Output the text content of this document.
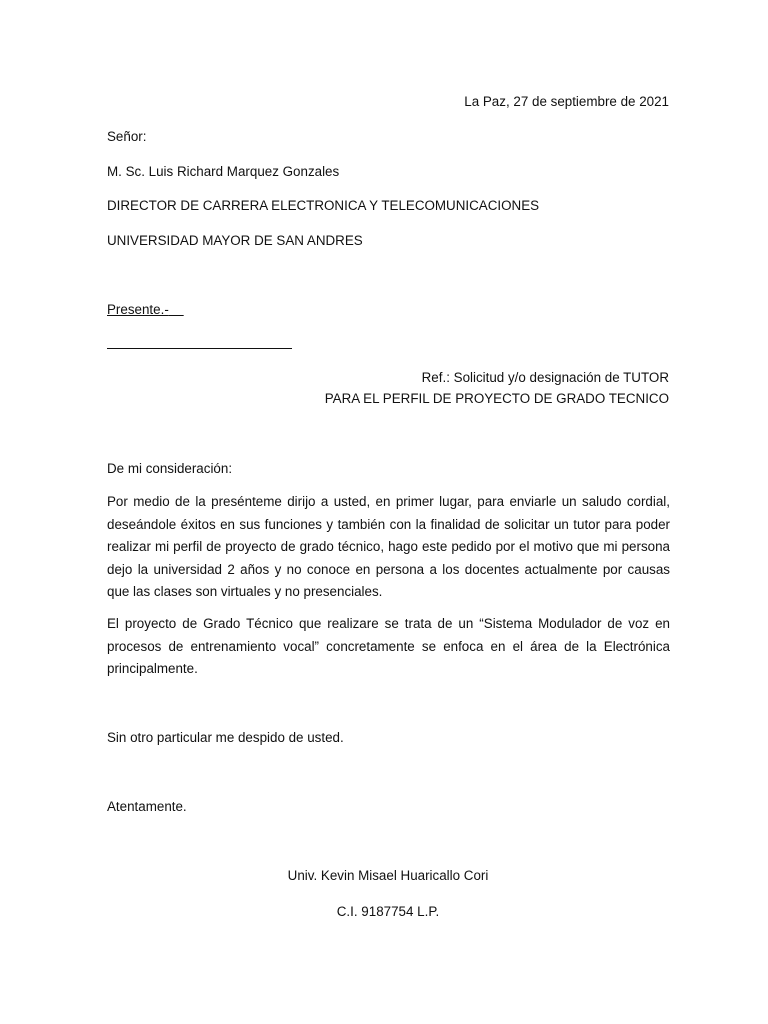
La Paz, 27 de septiembre de 2021

Señor:

M. Sc. Luis Richard Marquez Gonzales

DIRECTOR DE CARRERA ELECTRONICA Y TELECOMUNICACIONES

UNIVERSIDAD MAYOR DE SAN ANDRES

Presente.-

Ref.: Solicitud y/o designación de TUTOR

PARA EL PERFIL DE PROYECTO DE GRADO TECNICO

De mi consideración:

Por medio de la presénteme dirijo a usted, en primer lugar, para enviarle un saludo cordial, deseándole éxitos en sus funciones y también con la finalidad de solicitar un tutor para poder realizar mi perfil de proyecto de grado técnico, hago este pedido por el motivo que mi persona dejo la universidad 2 años y no conoce en persona a los docentes actualmente por causas que las clases son virtuales y no presenciales.

El proyecto de Grado Técnico que realizare se trata de un “Sistema Modulador de voz en procesos de entrenamiento vocal” concretamente se enfoca en el área de la Electrónica principalmente.

Sin otro particular me despido de usted.

Atentamente.

Univ. Kevin Misael Huaricallo Cori

C.I. 9187754 L.P.
